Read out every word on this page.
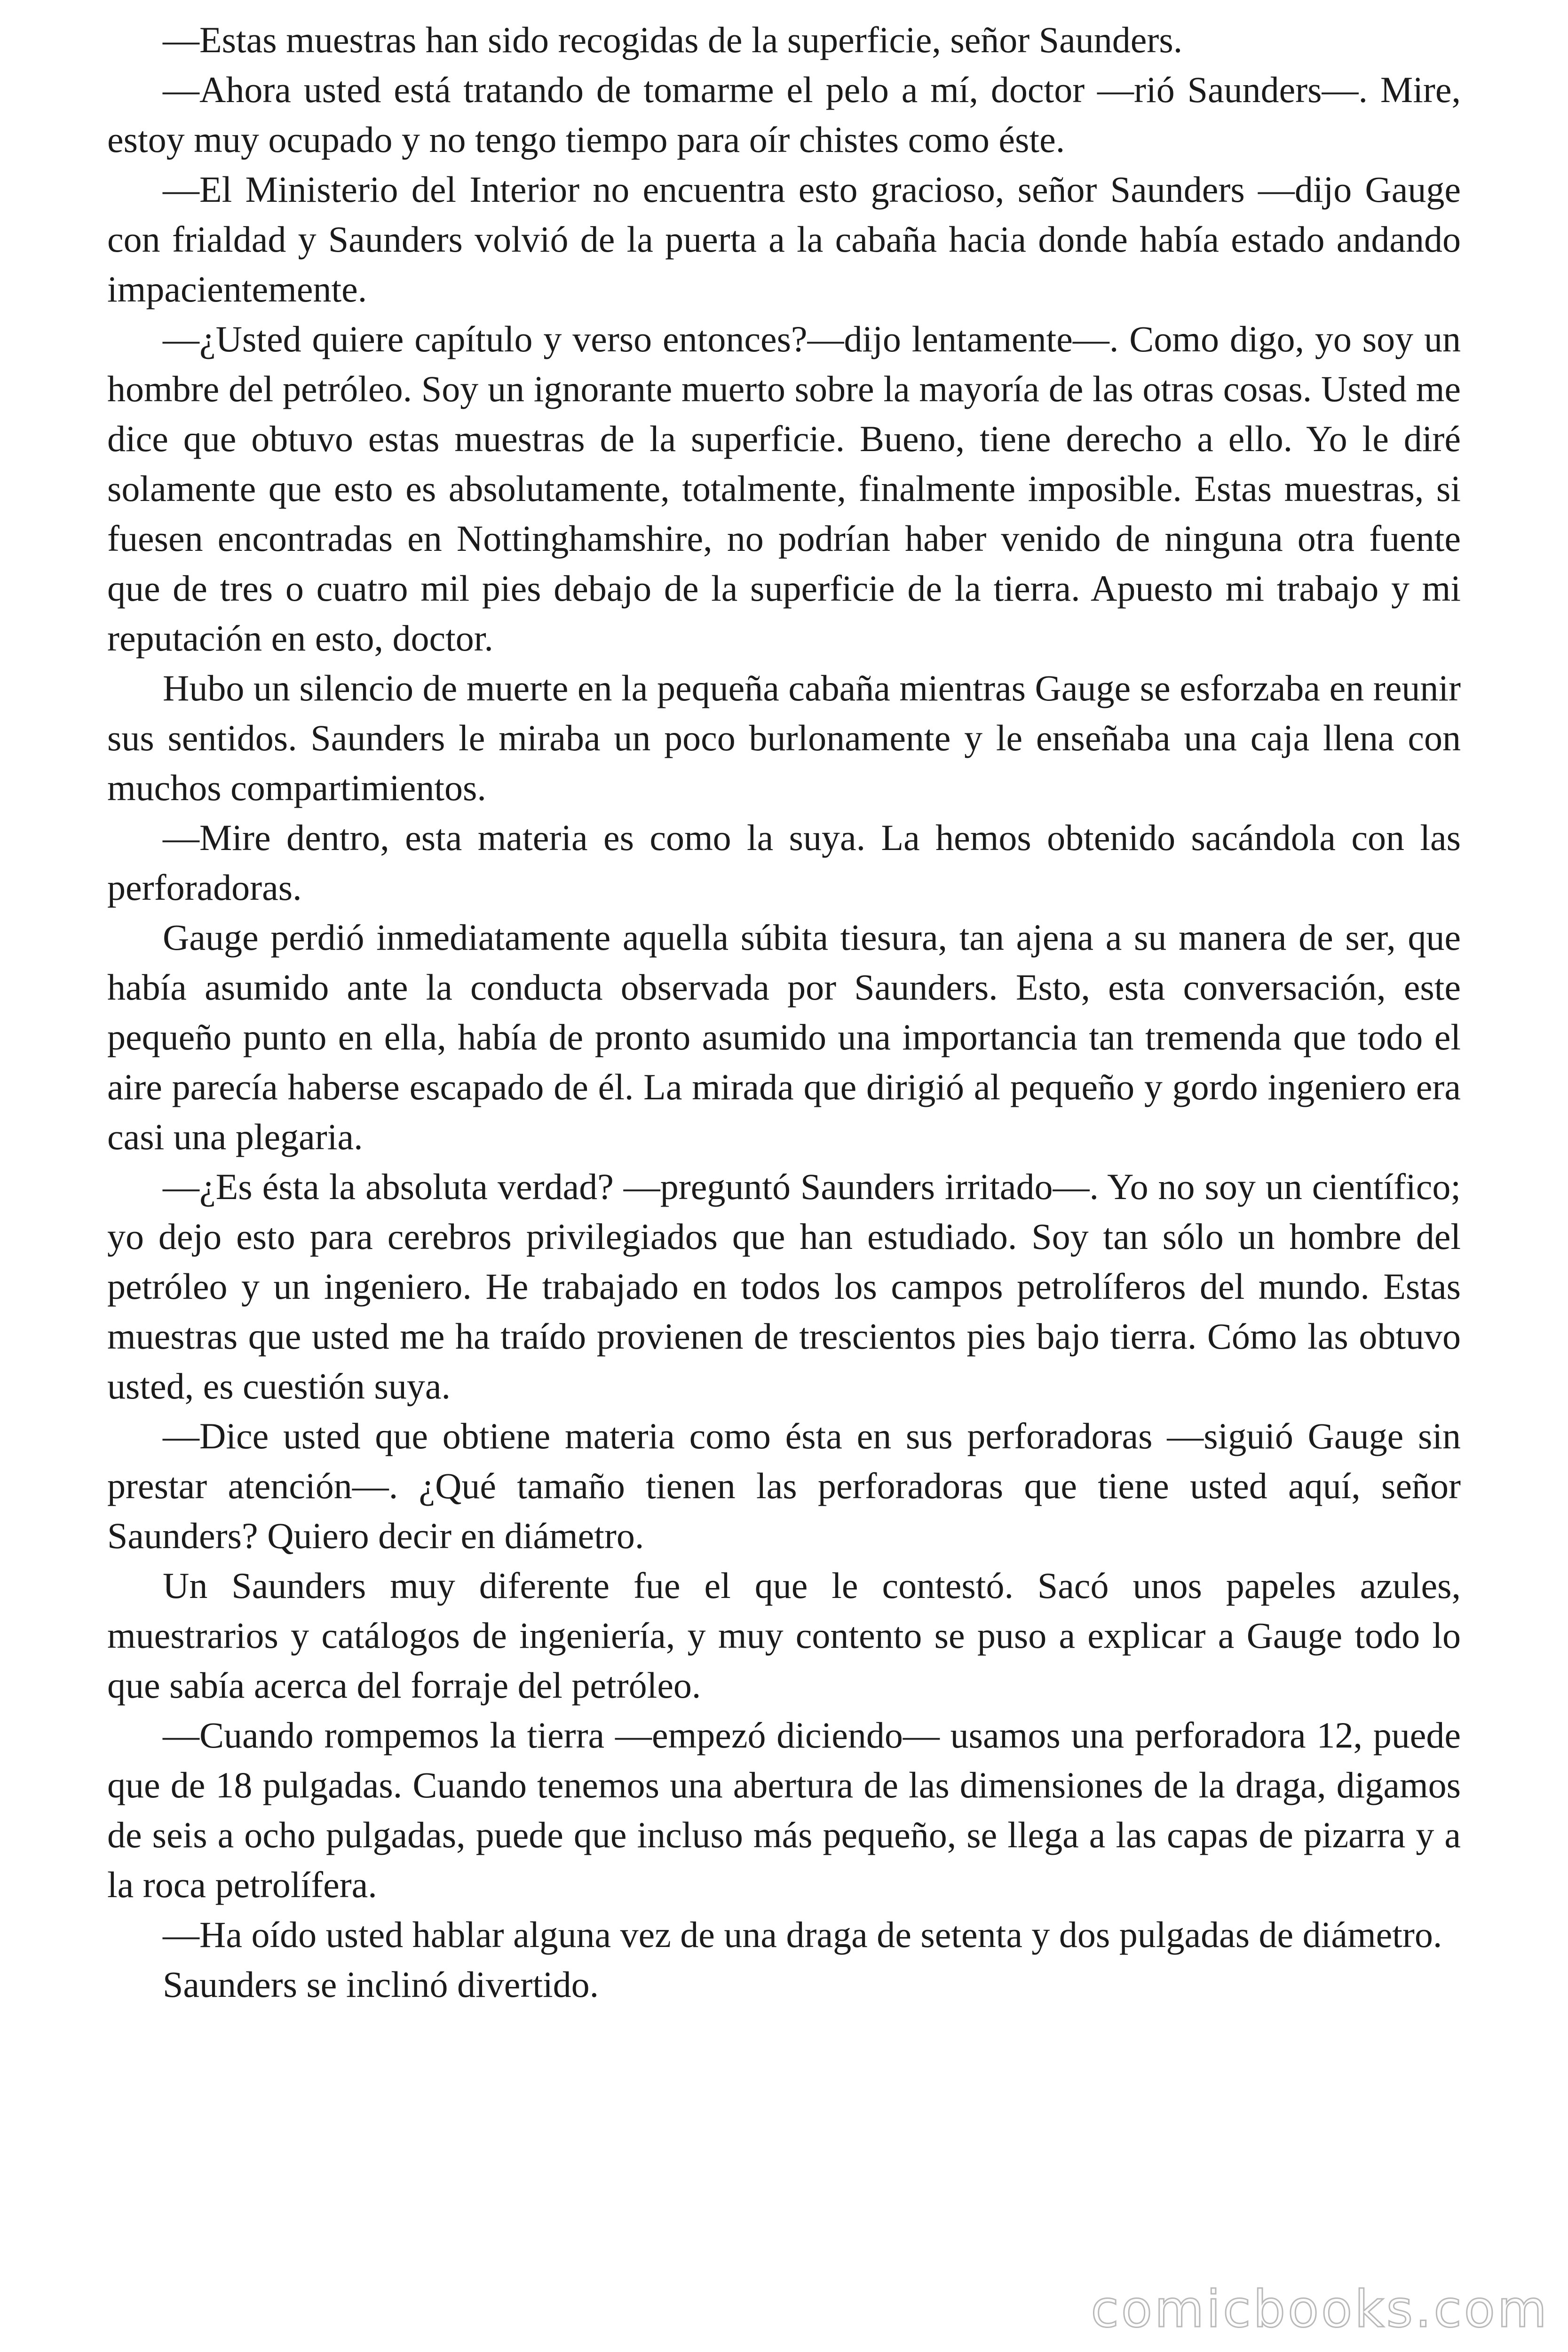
—Estas muestras han sido recogidas de la superficie, señor Saunders.

—Ahora usted está tratando de tomarme el pelo a mí, doctor —rió Saunders—. Mire, estoy muy ocupado y no tengo tiempo para oír chistes como éste.

—El Ministerio del Interior no encuentra esto gracioso, señor Saunders —dijo Gauge con frialdad y Saunders volvió de la puerta a la cabaña hacia donde había estado andando impacientemente.

—¿Usted quiere capítulo y verso entonces?—dijo lentamente—. Como digo, yo soy un hombre del petróleo. Soy un ignorante muerto sobre la mayoría de las otras cosas. Usted me dice que obtuvo estas muestras de la superficie. Bueno, tiene derecho a ello. Yo le diré solamente que esto es absolutamente, totalmente, finalmente imposible. Estas muestras, si fuesen encontradas en Nottinghamshire, no podrían haber venido de ninguna otra fuente que de tres o cuatro mil pies debajo de la superficie de la tierra. Apuesto mi trabajo y mi reputación en esto, doctor.

Hubo un silencio de muerte en la pequeña cabaña mientras Gauge se esforzaba en reunir sus sentidos. Saunders le miraba un poco burlonamente y le enseñaba una caja llena con muchos compartimientos.

—Mire dentro, esta materia es como la suya. La hemos obtenido sacándola con las perforadoras.

Gauge perdió inmediatamente aquella súbita tiesura, tan ajena a su manera de ser, que había asumido ante la conducta observada por Saunders. Esto, esta conversación, este pequeño punto en ella, había de pronto asumido una importancia tan tremenda que todo el aire parecía haberse escapado de él. La mirada que dirigió al pequeño y gordo ingeniero era casi una plegaria.

—¿Es ésta la absoluta verdad? —preguntó Saunders irritado—. Yo no soy un científico; yo dejo esto para cerebros privilegiados que han estudiado. Soy tan sólo un hombre del petróleo y un ingeniero. He trabajado en todos los campos petrolíferos del mundo. Estas muestras que usted me ha traído provienen de trescientos pies bajo tierra. Cómo las obtuvo usted, es cuestión suya.

—Dice usted que obtiene materia como ésta en sus perforadoras —siguió Gauge sin prestar atención—. ¿Qué tamaño tienen las perforadoras que tiene usted aquí, señor Saunders? Quiero decir en diámetro.

Un Saunders muy diferente fue el que le contestó. Sacó unos papeles azules, muestrarios y catálogos de ingeniería, y muy contento se puso a explicar a Gauge todo lo que sabía acerca del forraje del petróleo.

—Cuando rompemos la tierra —empezó diciendo— usamos una perforadora 12, puede que de 18 pulgadas. Cuando tenemos una abertura de las dimensiones de la draga, digamos de seis a ocho pulgadas, puede que incluso más pequeño, se llega a las capas de pizarra y a la roca petrolífera.

—Ha oído usted hablar alguna vez de una draga de setenta y dos pulgadas de diámetro.

Saunders se inclinó divertido.

comicbooks.com
